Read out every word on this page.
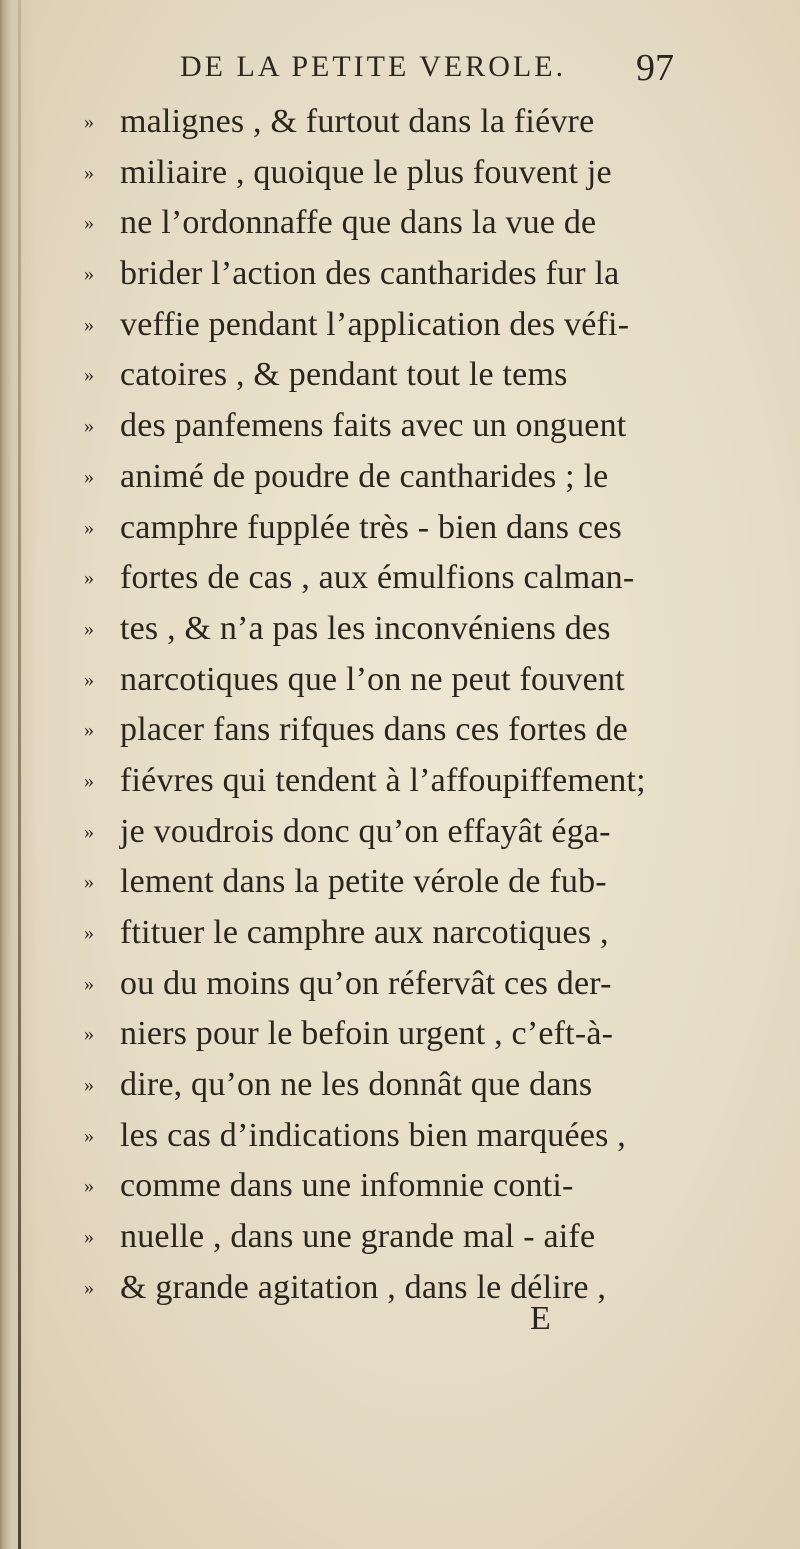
DE LA PETITE VEROLE. 97
» malignes , & furtout dans la fiévre
» miliaire , quoique le plus fouvent je
» ne l’ordonnaffe que dans la vue de
» brider l’action des cantharides fur la
» veffie pendant l’application des véfi-
» catoires , & pendant tout le tems
» des panfemens faits avec un onguent
» animé de poudre de cantharides ; le
» camphre fupplée très - bien dans ces
» fortes de cas , aux émulfions calman-
» tes , & n’a pas les inconvéniens des
» narcotiques que l’on ne peut fouvent
» placer fans rifques dans ces fortes de
» fiévres qui tendent à l’affoupiffement;
» je voudrois donc qu’on effayât éga-
» lement dans la petite vérole de fub-
» ftituer le camphre aux narcotiques ,
» ou du moins qu’on réfervât ces der-
» niers pour le befoin urgent , c’eft-à-
» dire, qu’on ne les donnât que dans
» les cas d’indications bien marquées ,
» comme dans une infomnie conti-
» nuelle , dans une grande mal - aife
» & grande agitation , dans le délire ,
E
